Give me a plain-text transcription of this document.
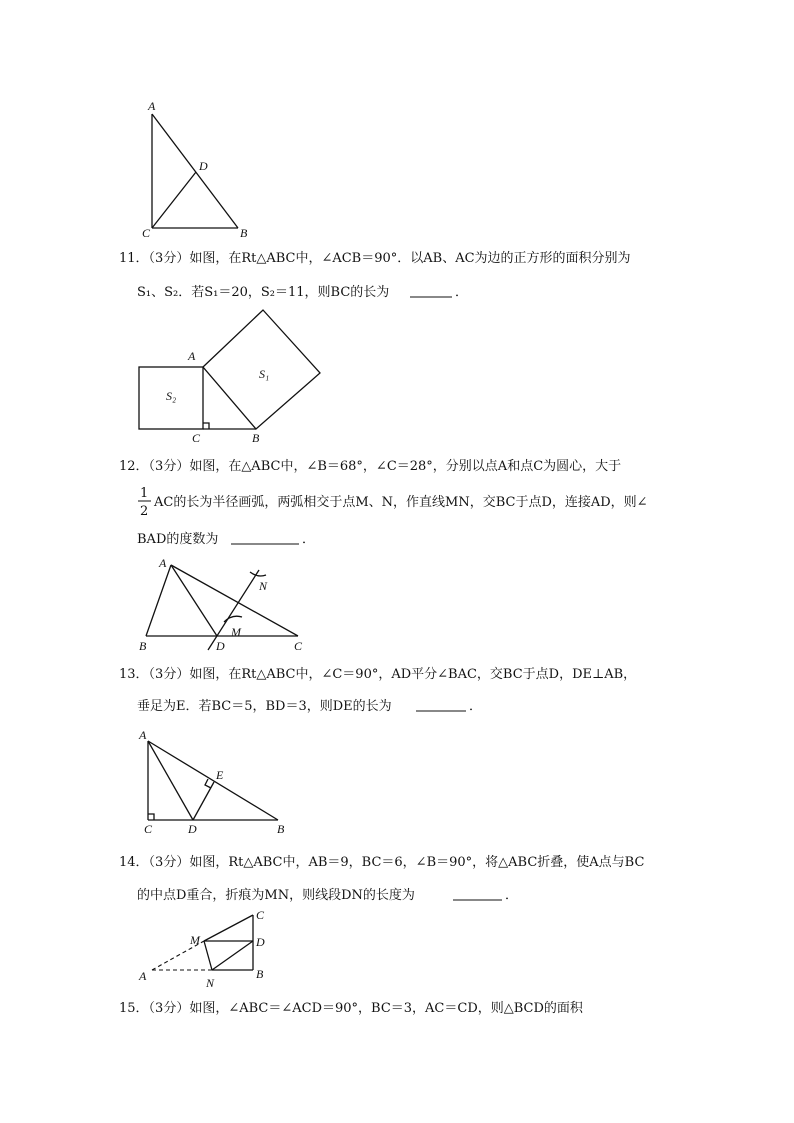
A
D
C	B
11．（3分）如图，在Rt△ABC中，∠ACB＝90°．以AB、AC为边的正方形的面积分别为
S₁、S₂．若S₁＝20，S₂＝11，则BC的长为	．
A
C	B
S₁
S₂
12．（3分）如图，在△ABC中，∠B＝68°，∠C＝28°，分别以点A和点C为圆心，大于
1
2
AC的长为半径画弧，两弧相交于点M、N，作直线MN，交BC于点D，连接AD，则∠
BAD的度数为	．
A
N
M
B	D	C
13．（3分）如图，在Rt△ABC中，∠C＝90°，AD平分∠BAC，交BC于点D，DE⊥AB，
垂足为E．若BC＝5，BD＝3，则DE的长为	．
A
E
C	D	B
14．（3分）如图，Rt△ABC中，AB＝9，BC＝6，∠B＝90°，将△ABC折叠，使A点与BC
的中点D重合，折痕为MN，则线段DN的长度为	．
C
M	D
A	B
N
15．（3分）如图，∠ABC＝∠ACD＝90°，BC＝3，AC＝CD，则△BCD的面积
